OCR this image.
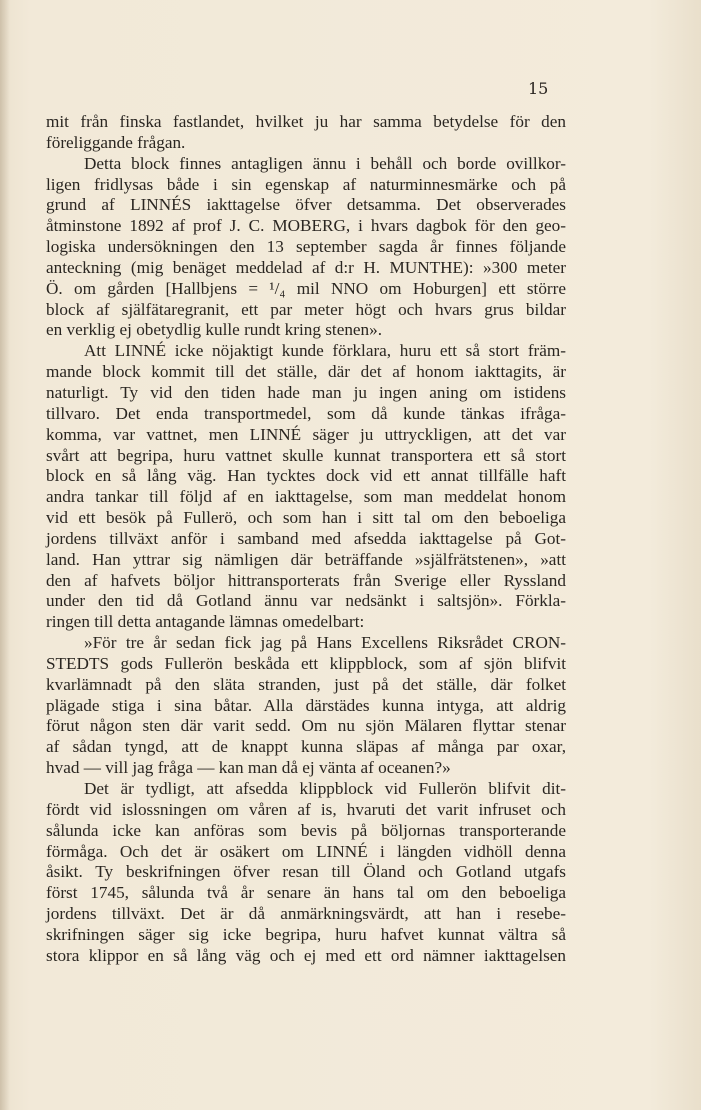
15
mit från finska fastlandet, hvilket ju har samma betydelse för den
föreliggande frågan.
Detta block finnes antagligen ännu i behåll och borde ovillkor-
ligen fridlysas både i sin egenskap af naturminnesmärke och på
grund af LINNÉS iakttagelse öfver detsamma. Det observerades
åtminstone 1892 af prof J. C. MOBERG, i hvars dagbok för den geo-
logiska undersökningen den 13 september sagda år finnes följande
anteckning (mig benäget meddelad af d:r H. MUNTHE): »300 meter
Ö. om gården [Hallbjens = ¹/₄ mil NNO om Hoburgen] ett större
block af själfätaregranit, ett par meter högt och hvars grus bildar
en verklig ej obetydlig kulle rundt kring stenen».
Att LINNÉ icke nöjaktigt kunde förklara, huru ett så stort främ-
mande block kommit till det ställe, där det af honom iakttagits, är
naturligt. Ty vid den tiden hade man ju ingen aning om istidens
tillvaro. Det enda transportmedel, som då kunde tänkas ifråga-
komma, var vattnet, men LINNÉ säger ju uttryckligen, att det var
svårt att begripa, huru vattnet skulle kunnat transportera ett så stort
block en så lång väg. Han tycktes dock vid ett annat tillfälle haft
andra tankar till följd af en iakttagelse, som man meddelat honom
vid ett besök på Fullerö, och som han i sitt tal om den beboeliga
jordens tillväxt anför i samband med afsedda iakttagelse på Got-
land. Han yttrar sig nämligen där beträffande »själfrätstenen», »att
den af hafvets böljor hittransporterats från Sverige eller Ryssland
under den tid då Gotland ännu var nedsänkt i saltsjön». Förkla-
ringen till detta antagande lämnas omedelbart:
»För tre år sedan fick jag på Hans Excellens Riksrådet CRON-
STEDTS gods Fullerön beskåda ett klippblock, som af sjön blifvit
kvarlämnadt på den släta stranden, just på det ställe, där folket
plägade stiga i sina båtar. Alla därstädes kunna intyga, att aldrig
förut någon sten där varit sedd. Om nu sjön Mälaren flyttar stenar
af sådan tyngd, att de knappt kunna släpas af många par oxar,
hvad — vill jag fråga — kan man då ej vänta af oceanen?»
Det är tydligt, att afsedda klippblock vid Fullerön blifvit dit-
fördt vid islossningen om våren af is, hvaruti det varit infruset och
sålunda icke kan anföras som bevis på böljornas transporterande
förmåga. Och det är osäkert om LINNÉ i längden vidhöll denna
åsikt. Ty beskrifningen öfver resan till Öland och Gotland utgafs
först 1745, sålunda två år senare än hans tal om den beboeliga
jordens tillväxt. Det är då anmärkningsvärdt, att han i resebe-
skrifningen säger sig icke begripa, huru hafvet kunnat vältra så
stora klippor en så lång väg och ej med ett ord nämner iakttagelsen
